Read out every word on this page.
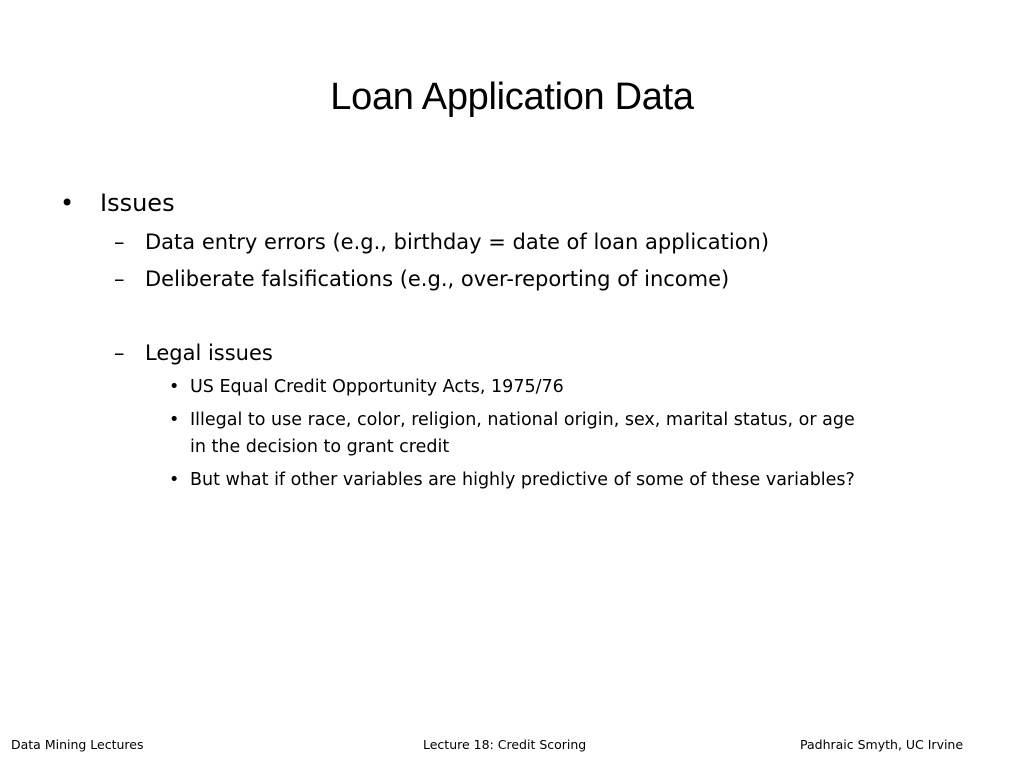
Loan Application Data
• Issues
– Data entry errors (e.g., birthday = date of loan application)
– Deliberate falsifications (e.g., over-reporting of income)
– Legal issues
• US Equal Credit Opportunity Acts, 1975/76
• Illegal to use race, color, religion, national origin, sex, marital status, or age
in the decision to grant credit
• But what if other variables are highly predictive of some of these variables?
Data Mining Lectures	Lecture 18: Credit Scoring	Padhraic Smyth, UC Irvine
